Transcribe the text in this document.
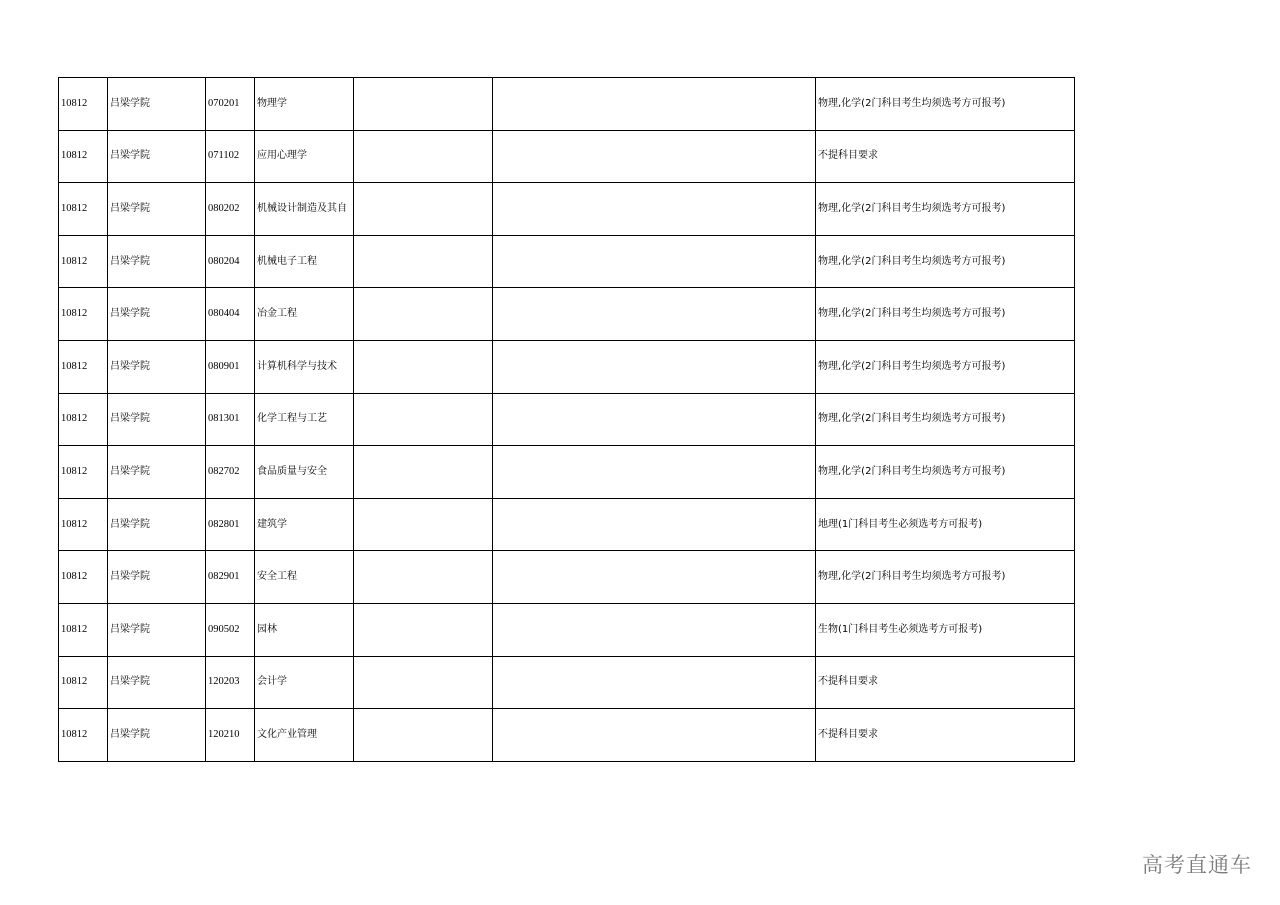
10812	吕梁学院	070201	物理学			物理,化学(2门科目考生均须选考方可报考)
10812	吕梁学院	071102	应用心理学			不提科目要求
10812	吕梁学院	080202	机械设计制造及其自			物理,化学(2门科目考生均须选考方可报考)
10812	吕梁学院	080204	机械电子工程			物理,化学(2门科目考生均须选考方可报考)
10812	吕梁学院	080404	冶金工程			物理,化学(2门科目考生均须选考方可报考)
10812	吕梁学院	080901	计算机科学与技术			物理,化学(2门科目考生均须选考方可报考)
10812	吕梁学院	081301	化学工程与工艺			物理,化学(2门科目考生均须选考方可报考)
10812	吕梁学院	082702	食品质量与安全			物理,化学(2门科目考生均须选考方可报考)
10812	吕梁学院	082801	建筑学			地理(1门科目考生必须选考方可报考)
10812	吕梁学院	082901	安全工程			物理,化学(2门科目考生均须选考方可报考)
10812	吕梁学院	090502	园林			生物(1门科目考生必须选考方可报考)
10812	吕梁学院	120203	会计学			不提科目要求
10812	吕梁学院	120210	文化产业管理			不提科目要求
高考直通车
